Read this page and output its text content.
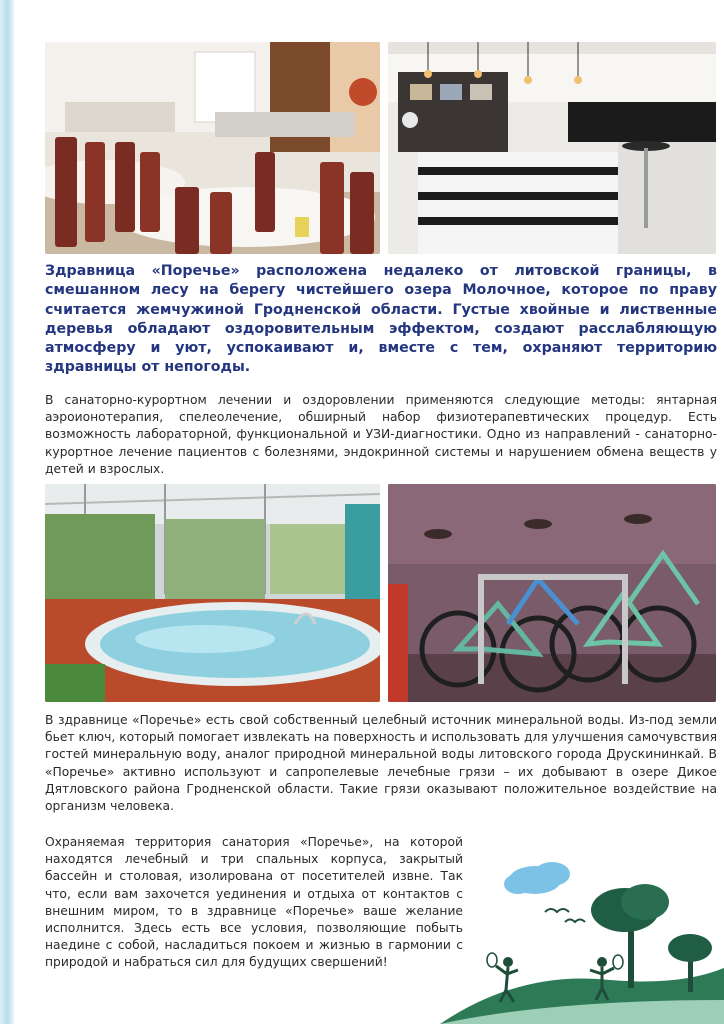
Здравница «Поречье» расположена недалеко от литовской границы, в смешанном лесу на берегу чистейшего озера Молочное, которое по праву считается жемчужиной Гродненской области. Густые хвойные и лиственные деревья обладают оздоровительным эффектом, создают расслабляющую атмосферу и уют, успокаивают и, вместе с тем, охраняют территорию здравницы от непогоды.

В санаторно-курортном лечении и оздоровлении применяются следующие методы: янтарная аэроионотерапия, спелеолечение, обширный набор физиотерапевтических процедур. Есть возможность лабораторной, функциональной и УЗИ-диагностики. Одно из направлений - санаторно-курортное лечение пациентов с болезнями, эндокринной системы и нарушением обмена веществ у детей и взрослых.

В здравнице «Поречье» есть свой собственный целебный источник минеральной воды. Из-под земли бьет ключ, который помогает извлекать на поверхность и использовать для улучшения самочувствия гостей минеральную воду, аналог природной минеральной воды литовского города Друскининкай. В «Поречье» активно используют и сапропелевые лечебные грязи – их добывают в озере Дикое Дятловского района Гродненской области. Такие грязи оказывают положительное воздействие на организм человека.

Охраняемая территория санатория «Поречье», на которой находятся лечебный и три спальных корпуса, закрытый бассейн и столовая, изолирована от посетителей извне. Так что, если вам захочется уединения и отдыха от контактов с внешним миром, то в здравнице «Поречье» ваше желание исполнится. Здесь есть все условия, позволяющие побыть наедине с собой, насладиться покоем и жизнью в гармонии с природой и набраться сил для будущих свершений!
